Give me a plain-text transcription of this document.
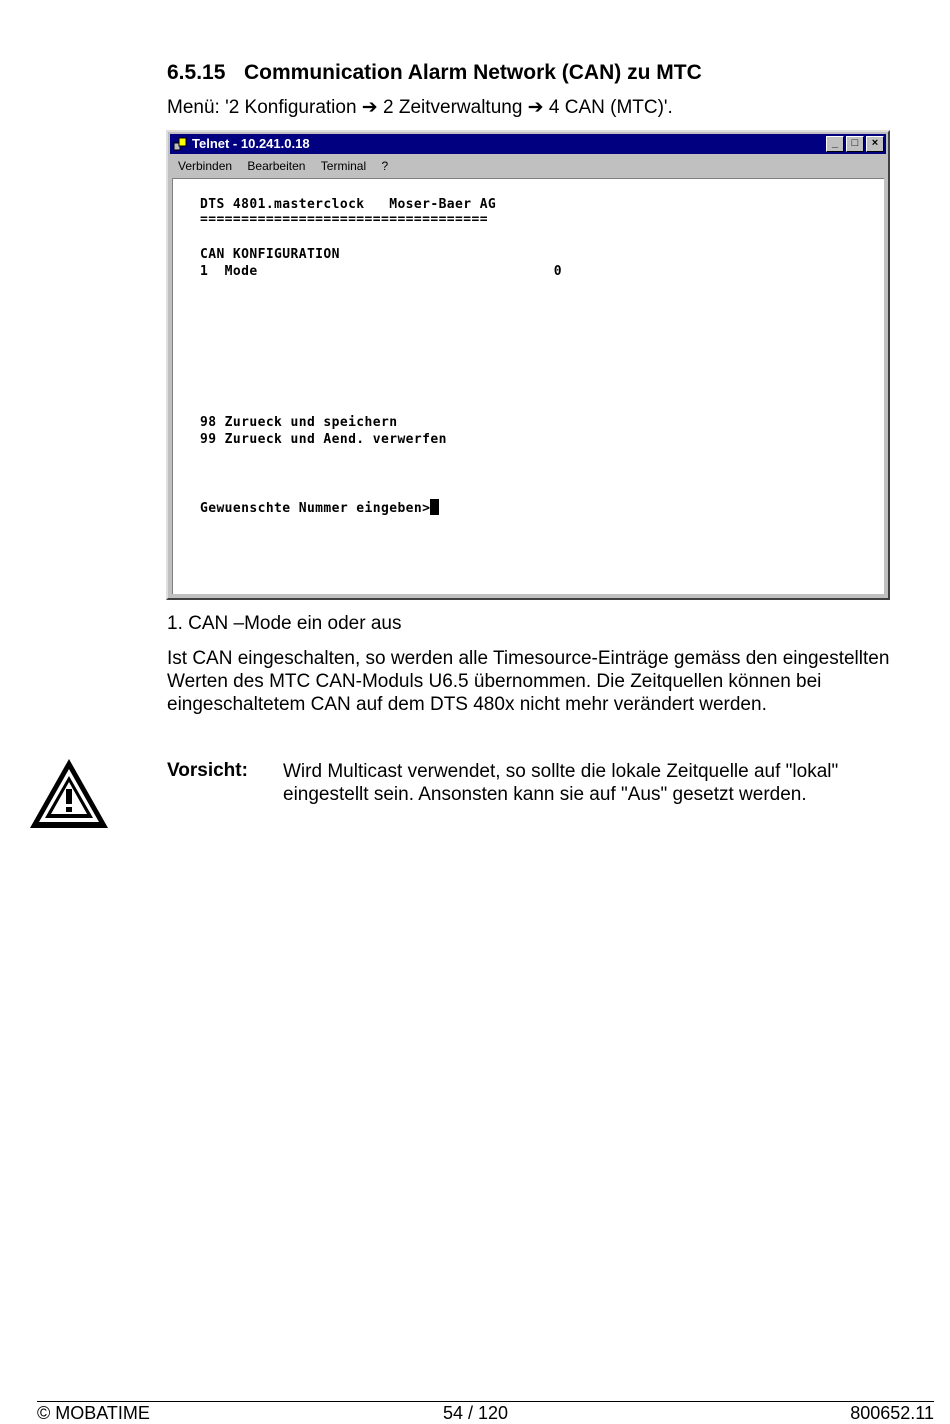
6.5.15 Communication Alarm Network (CAN) zu MTC
Menü: '2 Konfiguration ➔ 2 Zeitverwaltung ➔ 4 CAN (MTC)'.
Telnet - 10.241.0.18	_	□	×
Verbinden Bearbeiten Terminal ?
DTS 4801.masterclock   Moser-Baer AG
===================================
CAN KONFIGURATION
1  Mode                                    0
98 Zurueck und speichern
99 Zurueck und Aend. verwerfen
Gewuenschte Nummer eingeben>
1. CAN –Mode ein oder aus
Ist CAN eingeschalten, so werden alle Timesource-Einträge gemäss den eingestellten Werten des MTC CAN-Moduls U6.5 übernommen. Die Zeitquellen können bei eingeschaltetem CAN auf dem DTS 480x nicht mehr verändert werden.
Vorsicht: Wird Multicast verwendet, so sollte die lokale Zeitquelle auf "lokal" eingestellt sein. Ansonsten kann sie auf "Aus" gesetzt werden.
© MOBATIME	54 / 120	800652.11
